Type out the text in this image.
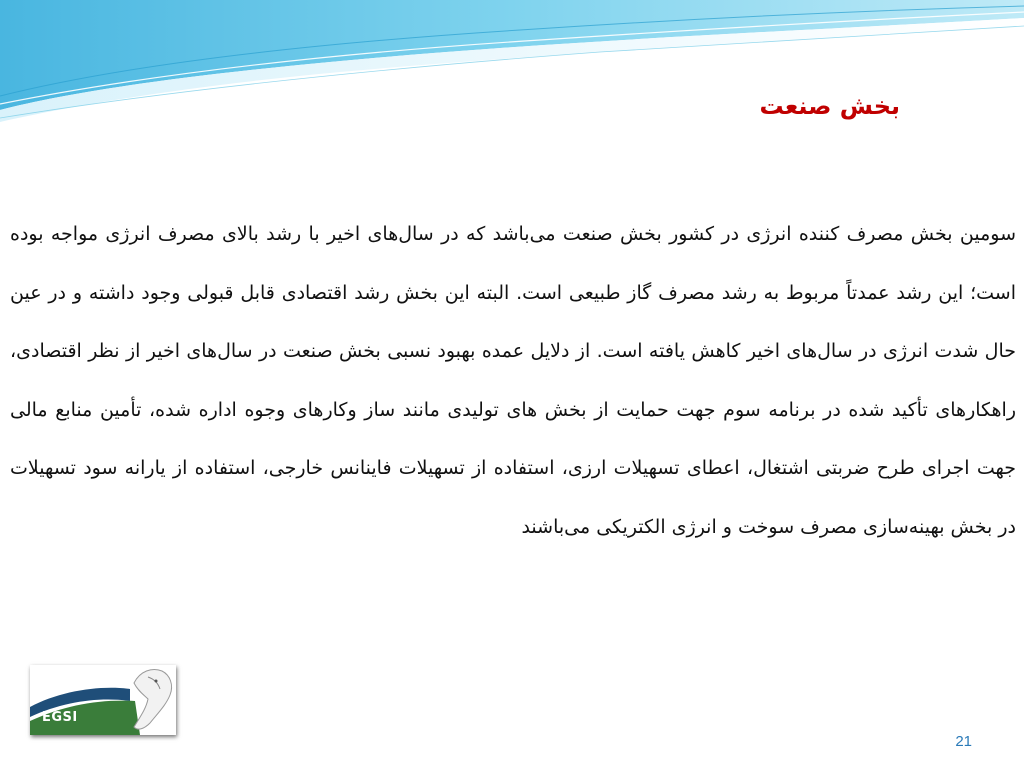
بخش صنعت

سومین بخش مصرف کننده انرژی در کشور بخش صنعت می‌باشد که در سال‌های اخیر با رشد بالای مصرف انرژی مواجه بوده است؛ این رشد عمدتاً مربوط به رشد مصرف گاز طبیعی است. البته این بخش رشد اقتصادی قابل قبولی وجود داشته و در عین حال شدت انرژی در سال‌های اخیر کاهش یافته است. از دلایل عمده بهبود نسبی بخش صنعت در سال‌های اخیر از نظر اقتصادی، راهکارهای تأکید شده در برنامه سوم جهت حمایت از بخش های تولیدی مانند ساز وکارهای وجوه اداره شده، تأمین منابع مالی جهت اجرای طرح ضربتی اشتغال، اعطای تسهیلات ارزی، استفاده از تسهیلات فاینانس خارجی، استفاده از یارانه سود تسهیلات در بخش بهینه‌سازی مصرف سوخت و انرژی الکتریکی می‌باشند

EGSI
21
